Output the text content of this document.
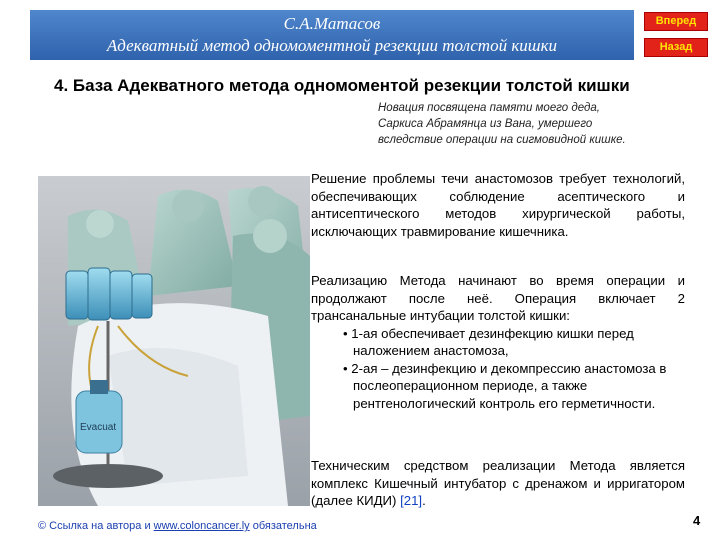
С.А.Матасов
Адекватный метод одномоментной резекции толстой кишки
Вперед
Назад
4. База Адекватного метода одномоментой резекции толстой кишки
Новация посвящена памяти моего деда,
Саркиса Абрамянца из Вана, умершего
вследствие операции на сигмовидной кишке.
Evacuat
Решение проблемы течи анастомозов требует технологий, обеспечивающих соблюдение асептического и антисептического методов хирургической работы, исключающих травмирование кишечника.
Реализацию Метода начинают во время операции и продолжают после неё. Операция включает 2 трансанальные интубации толстой кишки:
• 1-ая обеспечивает дезинфекцию кишки перед наложением анастомоза,
• 2-ая – дезинфекцию и декомпрессию анастомоза в послеоперационном периоде, а также рентгенологический контроль его герметичности.
Техническим средством реализации Метода является комплекс Кишечный интубатор с дренажом и ирригатором (далее КИДИ) [21].
© Ссылка на автора и www.coloncancer.ly обязательна	4
